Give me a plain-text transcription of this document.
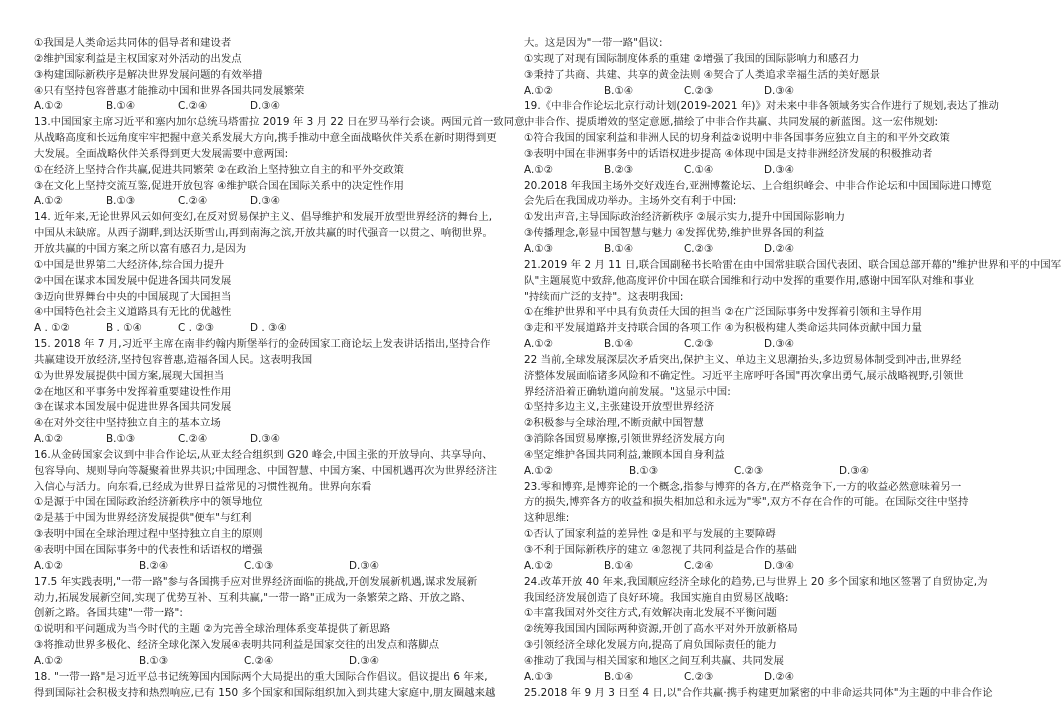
①我国是人类命运共同体的倡导者和建设者
②维护国家利益是主权国家对外活动的出发点
③构建国际新秩序是解决世界发展问题的有效举措
④只有坚持包容普惠才能推动中国和世界各国共同发展繁荣
A.①②	B.①④	C.②④	D.③④
13.中国国家主席习近平和塞内加尔总统马塔雷拉 2019 年 3 月 22 日在罗马举行会谈。两国元首一致同意,
从战略高度和长远角度牢牢把握中意关系发展大方向,携手推动中意全面战略伙伴关系在新时期得到更
大发展。全面战略伙伴关系得到更大发展需要中意两国:
①在经济上坚持合作共赢,促进共同繁荣 ②在政治上坚持独立自主的和平外交政策
③在文化上坚持交流互鉴,促进开放包容 ④维护联合国在国际关系中的决定性作用
A.①②	B.①③	C.②④	D.③④
14. 近年来,无论世界风云如何变幻,在反对贸易保护主义、倡导维护和发展开放型世界经济的舞台上,
中国从未缺席。从西子湖畔,到达沃斯雪山,再到南海之滨,开放共赢的时代强音一以贯之、响彻世界。
开放共赢的中国方案之所以富有感召力,是因为
①中国是世界第二大经济体,综合国力提升
②中国在谋求本国发展中促进各国共同发展
③迈向世界舞台中央的中国展现了大国担当
④中国特色社会主义道路具有无比的优越性
A . ①②	B . ①④	C . ②③	D . ③④
15. 2018 年 7 月,习近平主席在南非约翰内斯堡举行的金砖国家工商论坛上发表讲话指出,坚持合作
共赢建设开放经济,坚持包容普惠,造福各国人民。这表明我国
①为世界发展提供中国方案,展现大国担当
②在地区和平事务中发挥着重要建设性作用
③在谋求本国发展中促进世界各国共同发展
④在对外交往中坚持独立自主的基本立场
A.①②	B.①③	C.②④	D.③④
16.从金砖国家会议到中非合作论坛,从亚太经合组织到 G20 峰会,中国主张的开放导向、共享导向、
包容导向、规则导向等凝聚着世界共识;中国理念、中国智慧、中国方案、中国机遇再次为世界经济注
入信心与活力。向东看,已经成为世界日益常见的习惯性视角。世界向东看
①是源于中国在国际政治经济新秩序中的领导地位
②是基于中国为世界经济发展提供"便车"与红利
③表明中国在全球治理过程中坚持独立自主的原则
④表明中国在国际事务中的代表性和话语权的增强
A.①②	B.②④	C.①③	D.③④
17.5 年实践表明,"一带一路"参与各国携手应对世界经济面临的挑战,开创发展新机遇,谋求发展新
动力,拓展发展新空间,实现了优势互补、互利共赢,"一带一路"正成为一条繁荣之路、开放之路、
创新之路。各国共建"一带一路":
①说明和平问题成为当今时代的主题 ②为完善全球治理体系变革提供了新思路
③将推动世界多极化、经济全球化深入发展④表明共同利益是国家交往的出发点和落脚点
A.①②	B.①③	C.②④	D.③④
18. "一带一路"是习近平总书记统筹国内国际两个大局提出的重大国际合作倡议。倡议提出 6 年来,
得到国际社会积极支持和热烈响应,已有 150 多个国家和国际组织加入到共建大家庭中,朋友圈越来越
大。这是因为"一带一路"倡议:
①实现了对现有国际制度体系的重建 ②增强了我国的国际影响力和感召力
③秉持了共商、共建、共享的黄金法则 ④契合了人类追求幸福生活的美好愿景
A.①②	B.①④	C.②③	D.③④
19.《中非合作论坛北京行动计划(2019-2021 年)》对未来中非各领域务实合作进行了规划,表达了推动
中非合作、提质增效的坚定意愿,描绘了中非合作共赢、共同发展的新蓝图。这一宏伟规划:
①符合我国的国家利益和非洲人民的切身利益②说明中非各国事务应独立自主的和平外交政策
③表明中国在非洲事务中的话语权进步提高 ④体现中国是支持非洲经济发展的积极推动者
A.①②	B.②③	C.①④	D.③④
20.2018 年我国主场外交好戏连台,亚洲博鳌论坛、上合组织峰会、中非合作论坛和中国国际进口博览
会先后在我国成功举办。主场外交有利于中国:
①发出声音,主导国际政治经济新秩序 ②展示实力,提升中国国际影响力
③传播理念,彰显中国智慧与魅力 ④发挥优势,维护世界各国的利益
A.①③	B.①④	C.②③	D.②④
21.2019 年 2 月 11 日,联合国副秘书长哈雷在由中国常驻联合国代表团、联合国总部开幕的"维护世界和平的中国军
队"主题展览中致辞,他高度评价中国在联合国维和行动中发挥的重要作用,感谢中国军队对维和事业
"持续而广泛的支持"。这表明我国:
①在维护世界和平中具有负责任大国的担当 ②在广泛国际事务中发挥着引领和主导作用
③走和平发展道路并支持联合国的各项工作 ④为积极构建人类命运共同体贡献中国力量
A.①②	B.①④	C.②③	D.③④
22 当前,全球发展深层次矛盾突出,保护主义、单边主义思潮抬头,多边贸易体制受到冲击,世界经
济整体发展面临诸多风险和不确定性。习近平主席呼吁各国"再次拿出勇气,展示战略视野,引领世
界经济沿着正确轨道向前发展。"这显示中国:
①坚持多边主义,主张建设开放型世界经济
②积极参与全球治理,不断贡献中国智慧
③消除各国贸易摩擦,引领世界经济发展方向
④坚定维护各国共同利益,兼顾本国自身利益
A.①②	B.①③	C.②③	D.③④
23.零和博弈,是博弈论的一个概念,指参与博弈的各方,在严格竞争下,一方的收益必然意味着另一
方的损失,博弈各方的收益和损失相加总和永远为"零",双方不存在合作的可能。在国际交往中坚持
这种思维:
①否认了国家利益的差异性 ②是和平与发展的主要障碍
③不利于国际新秩序的建立 ④忽视了共同利益是合作的基础
A.①②	B.①④	C.②④	D.③④
24.改革开放 40 年来,我国顺应经济全球化的趋势,已与世界上 20 多个国家和地区签署了自贸协定,为
我国经济发展创造了良好环境。我国实施自由贸易区战略:
①丰富我国对外交往方式,有效解决南北发展不平衡问题
②统筹我国国内国际两种资源,开创了高水平对外开放新格局
③引领经济全球化发展方向,提高了肩负国际责任的能力
④推动了我国与相关国家和地区之间互利共赢、共同发展
A.①③	B.①④	C.②③	D.②④
25.2018 年 9 月 3 日至 4 日,以"合作共赢·携手构建更加紧密的中非命运共同体"为主题的中非合作论
